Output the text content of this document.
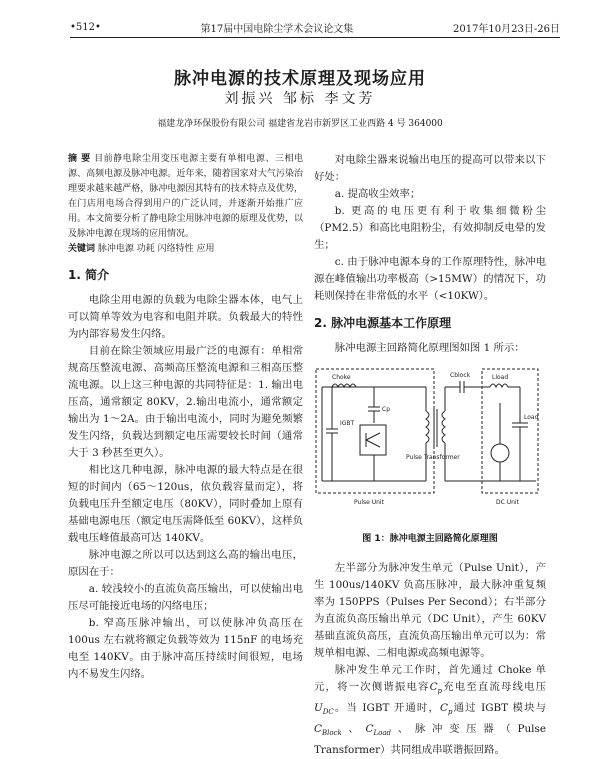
•512•	第17届中国电除尘学术会议论文集	2017年10月23日-26日
脉冲电源的技术原理及现场应用
刘振兴 邹标 李文芳
福建龙净环保股份有限公司 福建省龙岩市新罗区工业西路 4 号 364000

摘 要 目前静电除尘用变压电源主要有单相电源、三相电源、高频电源及脉冲电源。近年来，随着国家对大气污染治理要求越来越严格，脉冲电源因其特有的技术特点及优势，在门店用电场合得到用户的广泛认同，并逐渐开始推广应用。本文简要分析了静电除尘用脉冲电源的原理及优势，以及脉冲电源在现场的应用情况。

关键词 脉冲电源 功耗 闪络特性 应用

1. 简介

电除尘用电源的负载为电除尘器本体，电气上可以简单等效为电容和电阻并联。负载最大的特性为内部容易发生闪络。

目前在除尘领域应用最广泛的电源有：单相常规高压整流电源、高频高压整流电源和三相高压整流电源。以上这三种电源的共同特征是：1. 输出电压高，通常额定 80KV，2.输出电流小，通常额定输出为 1～2A。由于输出电流小，同时为避免频繁发生闪络，负载达到额定电压需要较长时间（通常大于 3 秒甚至更久）。

相比这几种电源，脉冲电源的最大特点是在很短的时间内（65～120us，依负载容量而定），将负载电压升至额定电压（80KV），同时叠加上原有基础电源电压（额定电压需降低至 60KV），这样负载电压峰值最高可达 140KV。

脉冲电源之所以可以达到这么高的输出电压，原因在于：

a. 较浅较小的直流负高压输出，可以使输出电压尽可能接近电场的闪络电压；

b. 窄高压脉冲输出，可以使脉冲负高压在 100us 左右就将额定负载等效为 115nF 的电场充电至 140KV。由于脉冲高压持续时间很短，电场内不易发生闪络。

对电除尘器来说输出电压的提高可以带来以下好处：

a. 提高收尘效率；

b. 更高的电压更有利于收集细微粉尘（PM2.5）和高比电阻粉尘，有效抑制反电晕的发生；

c. 由于脉冲电源本身的工作原理特性，脉冲电源在峰值输出功率极高（>15MW）的情况下，功耗则保持在非常低的水平（<10KW）。

2. 脉冲电源基本工作原理

脉冲电源主回路简化原理图如图 1 所示：

Choke
Cp
IGBT
Cblock	Lload
Load
Pulse Transformer
Pulse Unit	DC Unit
图 1：脉冲电源主回路简化原理图

左半部分为脉冲发生单元（Pulse Unit），产生 100us/140KV 负高压脉冲，最大脉冲重复频率为 150PPS（Pulses Per Second）；右半部分为直流负高压输出单元（DC Unit），产生 60KV 基础直流负高压，直流负高压输出单元可以为：常规单相电源、二相电源或高频电源等。

脉冲发生单元工作时，首先通过 Choke 单元，将一次侧谐振电容$C_p$充电至直流母线电压$U_{DC}$。当 IGBT 开通时，$C_p$通过 IGBT 模块与$C_{Block}$、$C_{Load}$、脉冲变压器（Pulse Transformer）共同组成串联谐振回路。
